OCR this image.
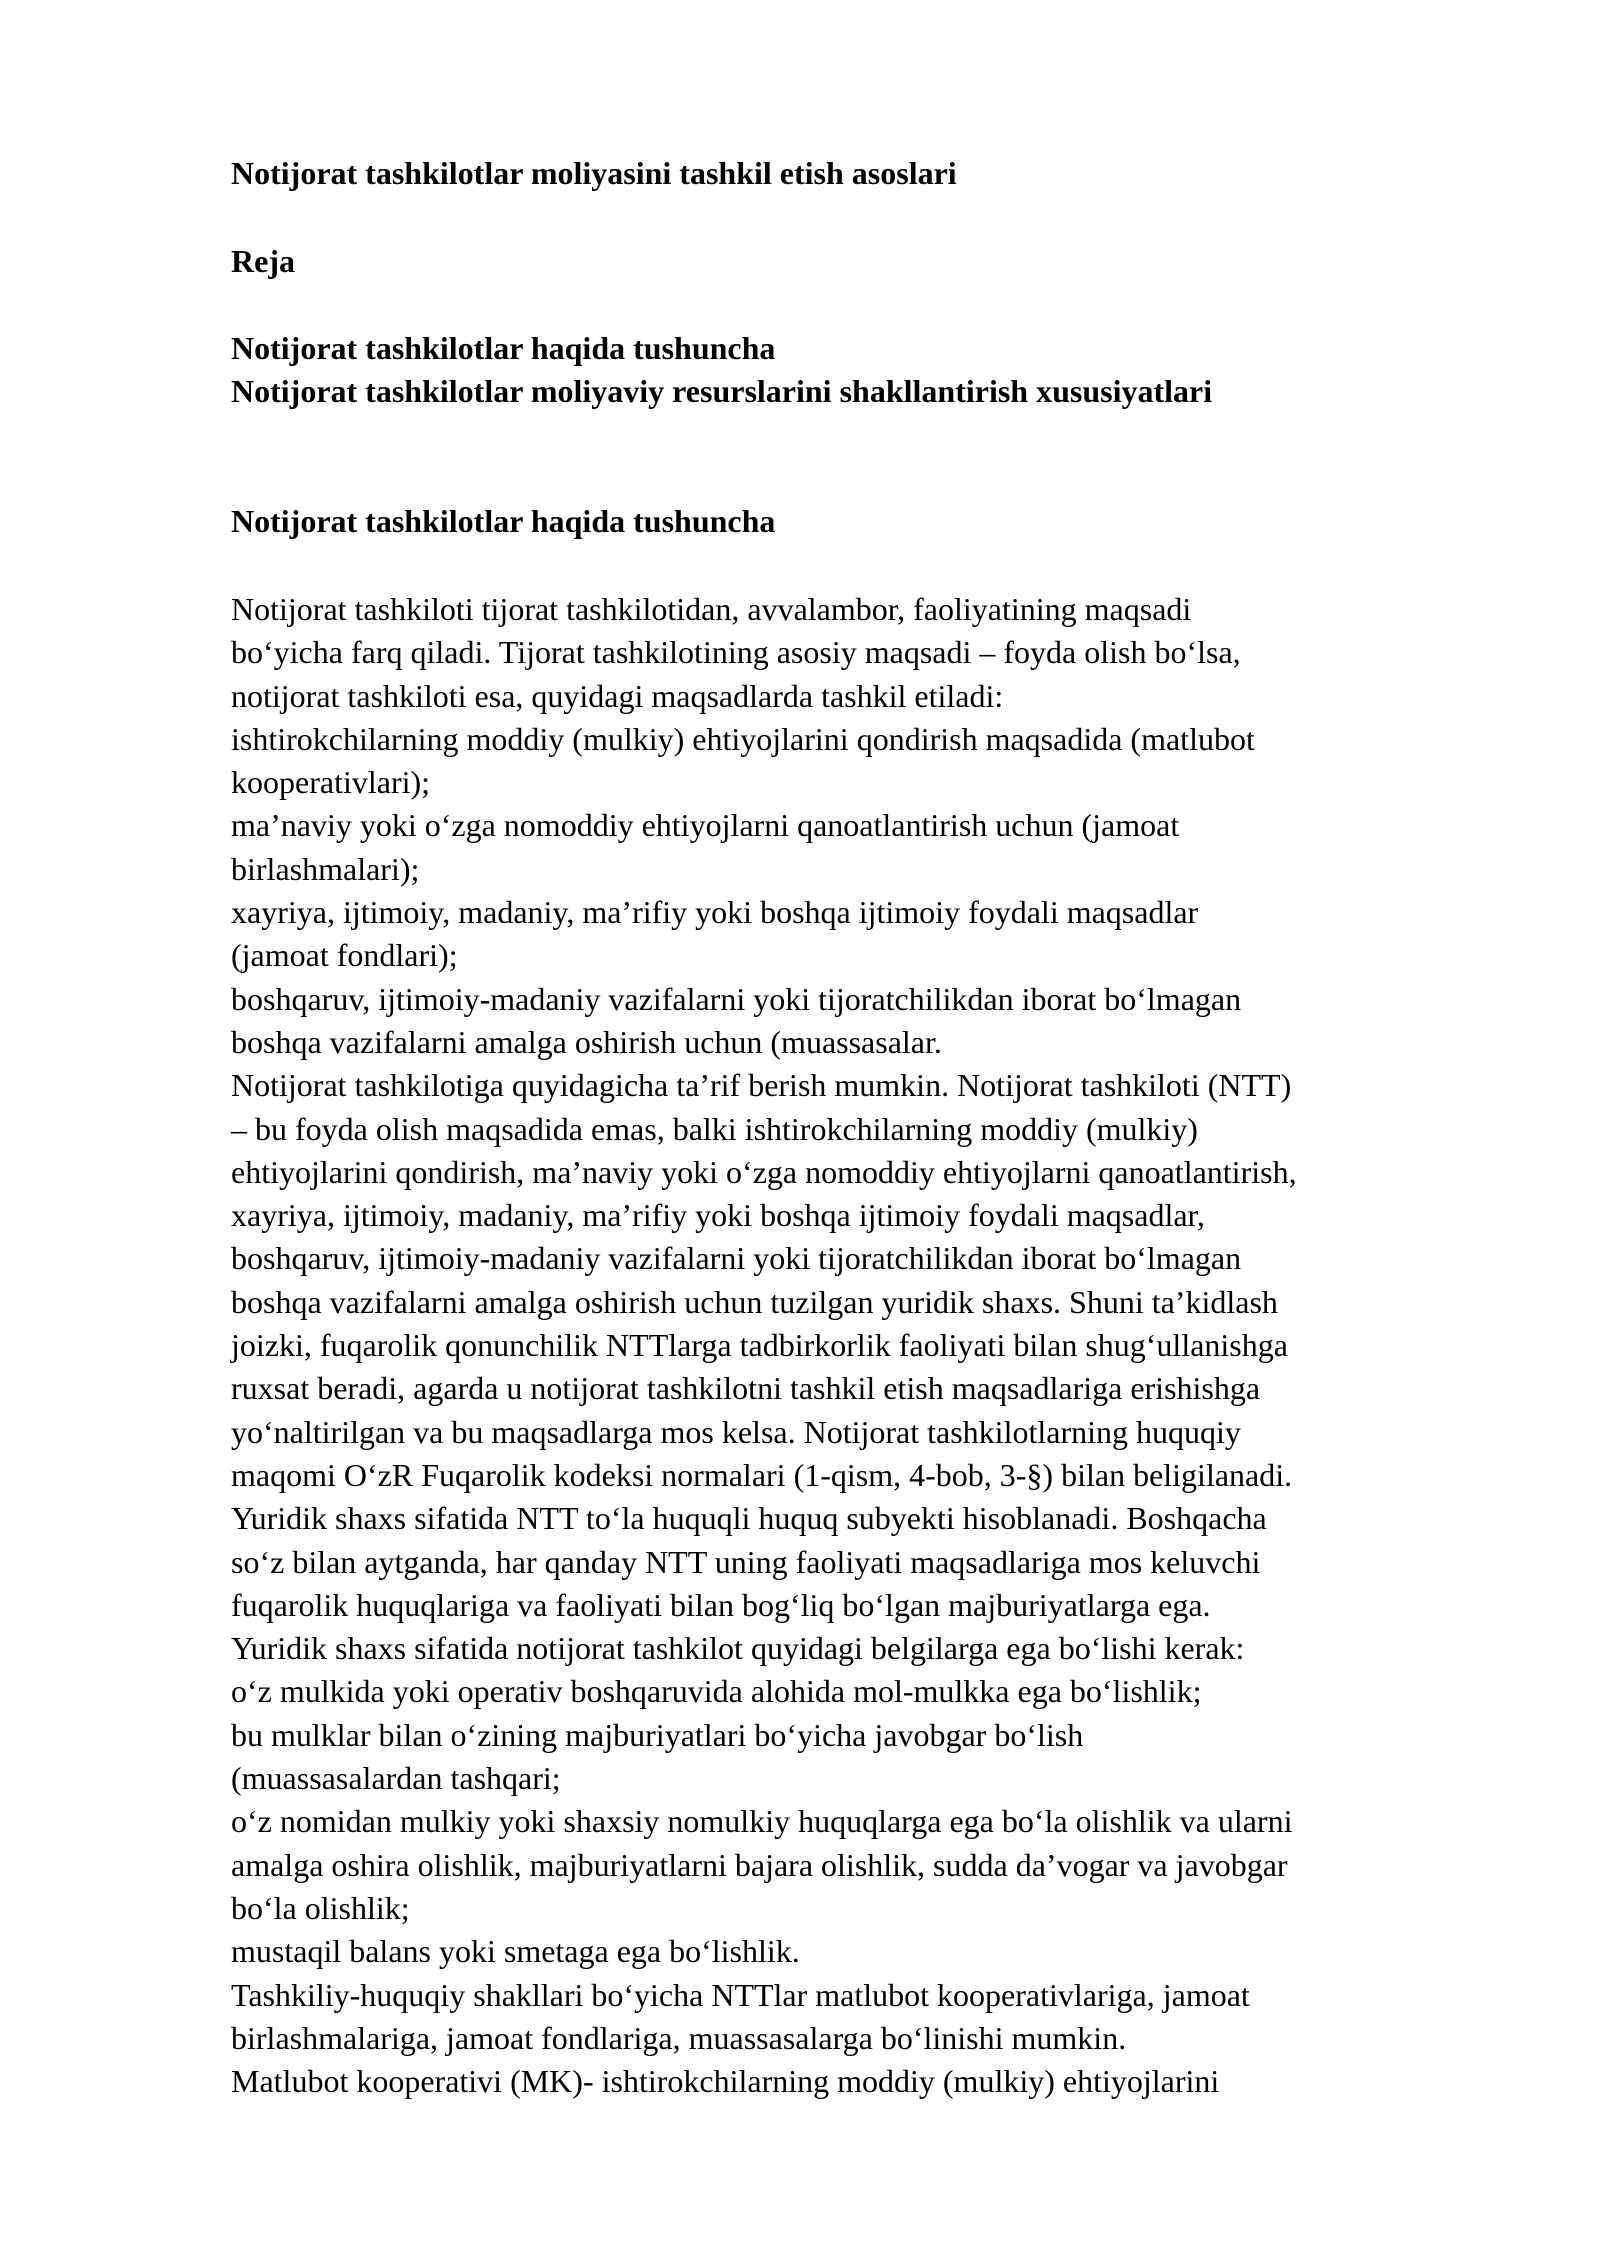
Notijorat tashkilotlar moliyasini tashkil etish asoslari
Reja
Notijorat tashkilotlar haqida tushuncha
Notijorat tashkilotlar moliyaviy resurslarini shakllantirish xususiyatlari
Notijorat tashkilotlar haqida tushuncha

Notijorat tashkiloti tijorat tashkilotidan, avvalambor, faoliyatining maqsadi

bo‘yicha farq qiladi. Tijorat tashkilotining asosiy maqsadi – foyda olish bo‘lsa,

notijorat tashkiloti esa, quyidagi maqsadlarda tashkil etiladi:

ishtirokchilarning moddiy (mulkiy) ehtiyojlarini qondirish maqsadida (matlubot

kooperativlari);

ma’naviy yoki o‘zga nomoddiy ehtiyojlarni qanoatlantirish uchun (jamoat

birlashmalari);

xayriya, ijtimoiy, madaniy, ma’rifiy yoki boshqa ijtimoiy foydali maqsadlar

(jamoat fondlari);

boshqaruv, ijtimoiy-madaniy vazifalarni yoki tijoratchilikdan iborat bo‘lmagan

boshqa vazifalarni amalga oshirish uchun (muassasalar.

Notijorat tashkilotiga quyidagicha ta’rif berish mumkin. Notijorat tashkiloti (NTT)

– bu foyda olish maqsadida emas, balki ishtirokchilarning moddiy (mulkiy)

ehtiyojlarini qondirish, ma’naviy yoki o‘zga nomoddiy ehtiyojlarni qanoatlantirish,

xayriya, ijtimoiy, madaniy, ma’rifiy yoki boshqa ijtimoiy foydali maqsadlar,

boshqaruv, ijtimoiy-madaniy vazifalarni yoki tijoratchilikdan iborat bo‘lmagan

boshqa vazifalarni amalga oshirish uchun tuzilgan yuridik shaxs. Shuni ta’kidlash

joizki, fuqarolik qonunchilik NTTlarga tadbirkorlik faoliyati bilan shug‘ullanishga

ruxsat beradi, agarda u notijorat tashkilotni tashkil etish maqsadlariga erishishga

yo‘naltirilgan va bu maqsadlarga mos kelsa. Notijorat tashkilotlarning huquqiy

maqomi O‘zR Fuqarolik kodeksi normalari (1-qism, 4-bob, 3-§) bilan beligilanadi.

Yuridik shaxs sifatida NTT to‘la huquqli huquq subyekti hisoblanadi. Boshqacha

so‘z bilan aytganda, har qanday NTT uning faoliyati maqsadlariga mos keluvchi

fuqarolik huquqlariga va faoliyati bilan bog‘liq bo‘lgan majburiyatlarga ega.

Yuridik shaxs sifatida notijorat tashkilot quyidagi belgilarga ega bo‘lishi kerak:

o‘z mulkida yoki operativ boshqaruvida alohida mol-mulkka ega bo‘lishlik;

bu mulklar bilan o‘zining majburiyatlari bo‘yicha javobgar bo‘lish

(muassasalardan tashqari;

o‘z nomidan mulkiy yoki shaxsiy nomulkiy huquqlarga ega bo‘la olishlik va ularni

amalga oshira olishlik, majburiyatlarni bajara olishlik, sudda da’vogar va javobgar

bo‘la olishlik;

mustaqil balans yoki smetaga ega bo‘lishlik.

Tashkiliy-huquqiy shakllari bo‘yicha NTTlar matlubot kooperativlariga, jamoat

birlashmalariga, jamoat fondlariga, muassasalarga bo‘linishi mumkin.

Matlubot kooperativi (MK)- ishtirokchilarning moddiy (mulkiy) ehtiyojlarini
